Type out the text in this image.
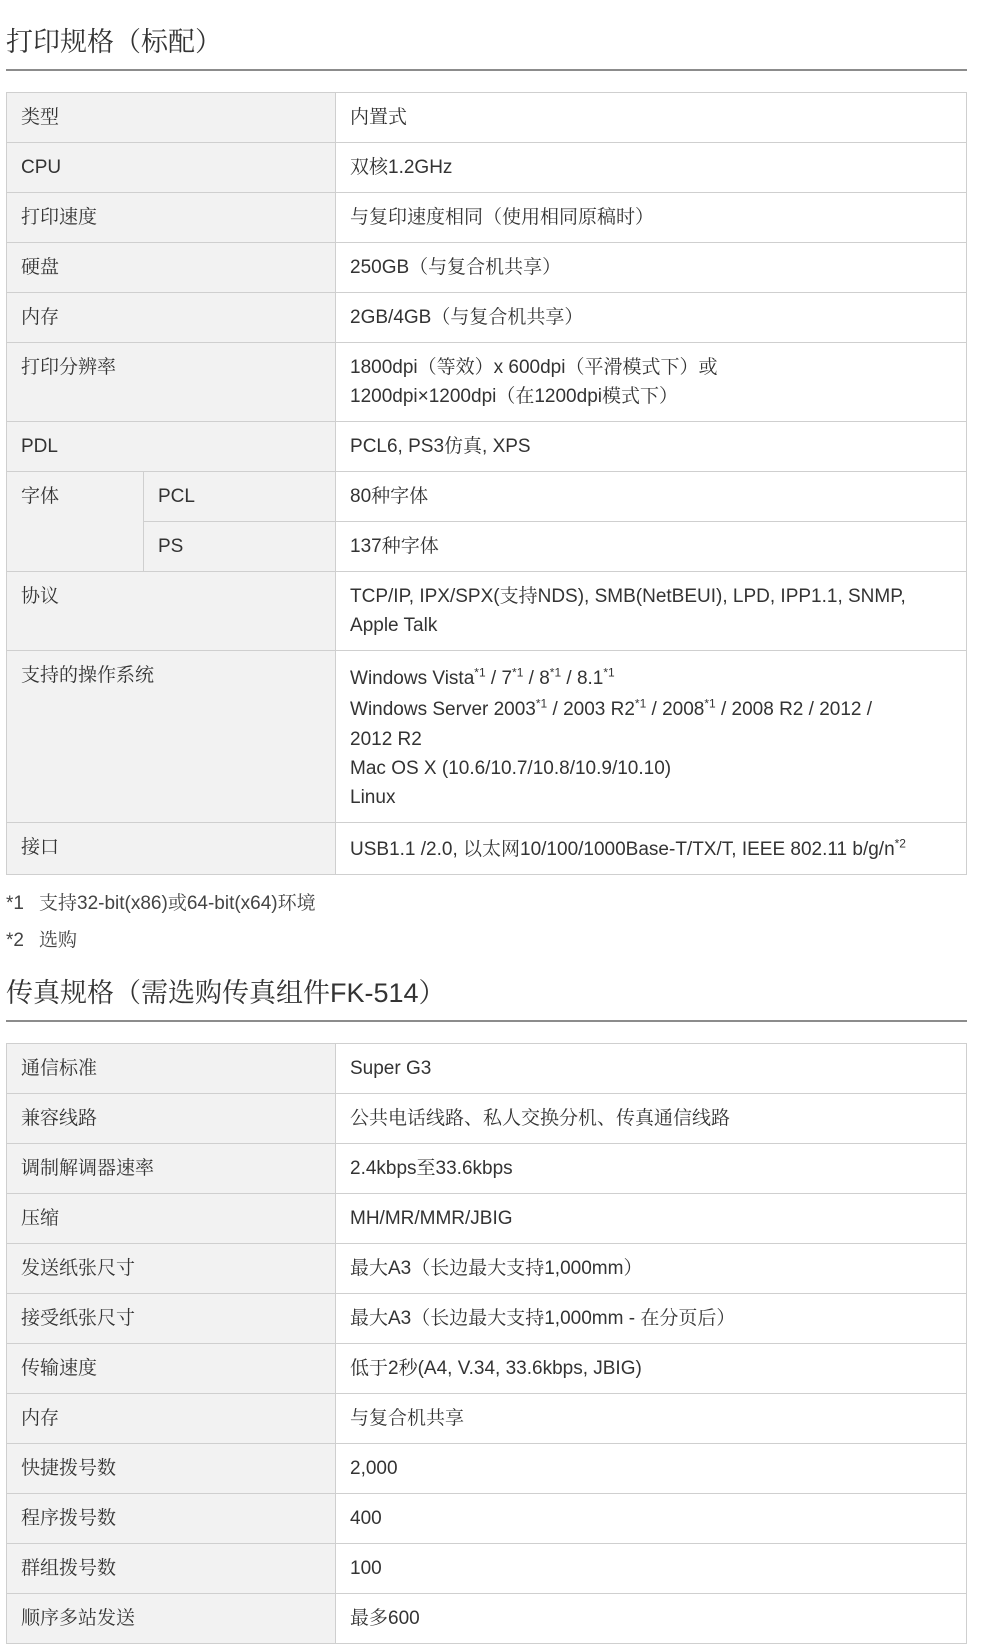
打印规格（标配）
类型		内置式
CPU		双核1.2GHz
打印速度		与复印速度相同（使用相同原稿时）
硬盘		250GB（与复合机共享）
内存		2GB/4GB（与复合机共享）
打印分辨率		1800dpi（等效）x 600dpi（平滑模式下）或
1200dpi×1200dpi（在1200dpi模式下）

PDL		PCL6, PS3仿真, XPS
字体	PCL	80种字体
	PS	137种字体
协议		TCP/IP, IPX/SPX(支持NDS), SMB(NetBEUI), LPD, IPP1.1, SNMP,
Apple Talk

支持的操作系统		Windows Vista$^{*1}$ / 7$^{*1}$ / 8$^{*1}$ / 8.1$^{*1}$
Windows Server 2003$^{*1}$ / 2003 R2$^{*1}$ / 2008$^{*1}$ / 2008 R2 / 2012 /
2012 R2
Mac OS X (10.6/10.7/10.8/10.9/10.10)
Linux

接口		USB1.1 /2.0, 以太网10/100/1000Base-T/TX/T, IEEE 802.11 $b/g/n^{*2}$
*1 支持32-bit(x86)或64-bit(x64)环境
*2 选购
传真规格（需选购传真组件FK-514）
通信标准	Super G3
兼容线路	公共电话线路、私人交换分机、传真通信线路
调制解调器速率	2.4kbps至33.6kbps
压缩	MH/MR/MMR/JBIG
发送纸张尺寸	最大A3（长边最大支持1,000mm）
接受纸张尺寸	最大A3（长边最大支持1,000mm - 在分页后）
传输速度	低于2秒(A4, V.34, 33.6kbps, JBIG)
内存	与复合机共享
快捷拨号数	2,000
程序拨号数	400
群组拨号数	100
顺序多站发送	最多600
